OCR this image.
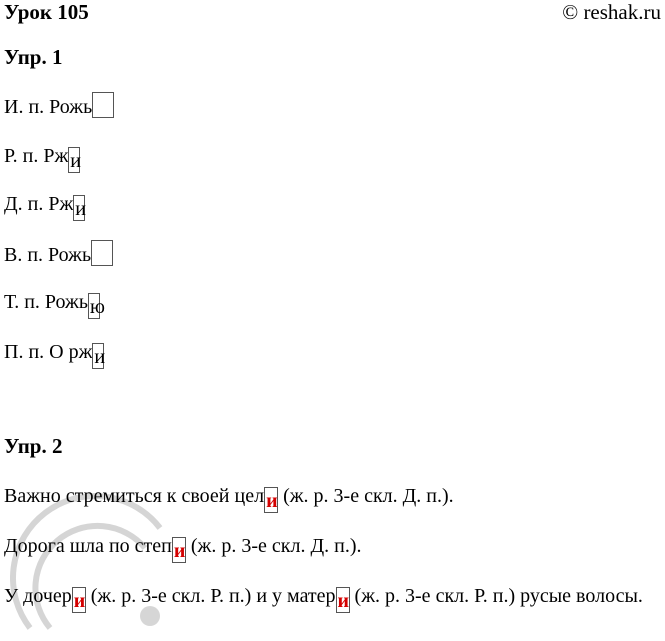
Урок 105	© reshak.ru
Упр. 1
И. п. Рожь
Р. п. Рж и
Д. п. Рж и
В. п. Рожь
Т. п. Рожь ю
П. п. О рж и
Упр. 2
Важно стремиться к своей цел и (ж. р. 3-е скл. Д. п.).
Дорога шла по степ и (ж. р. 3-е скл. Д. п.).
У дочер и (ж. р. 3-е скл. Р. п.) и у матер и (ж. р. 3-е скл. Р. п.) русые волосы.
